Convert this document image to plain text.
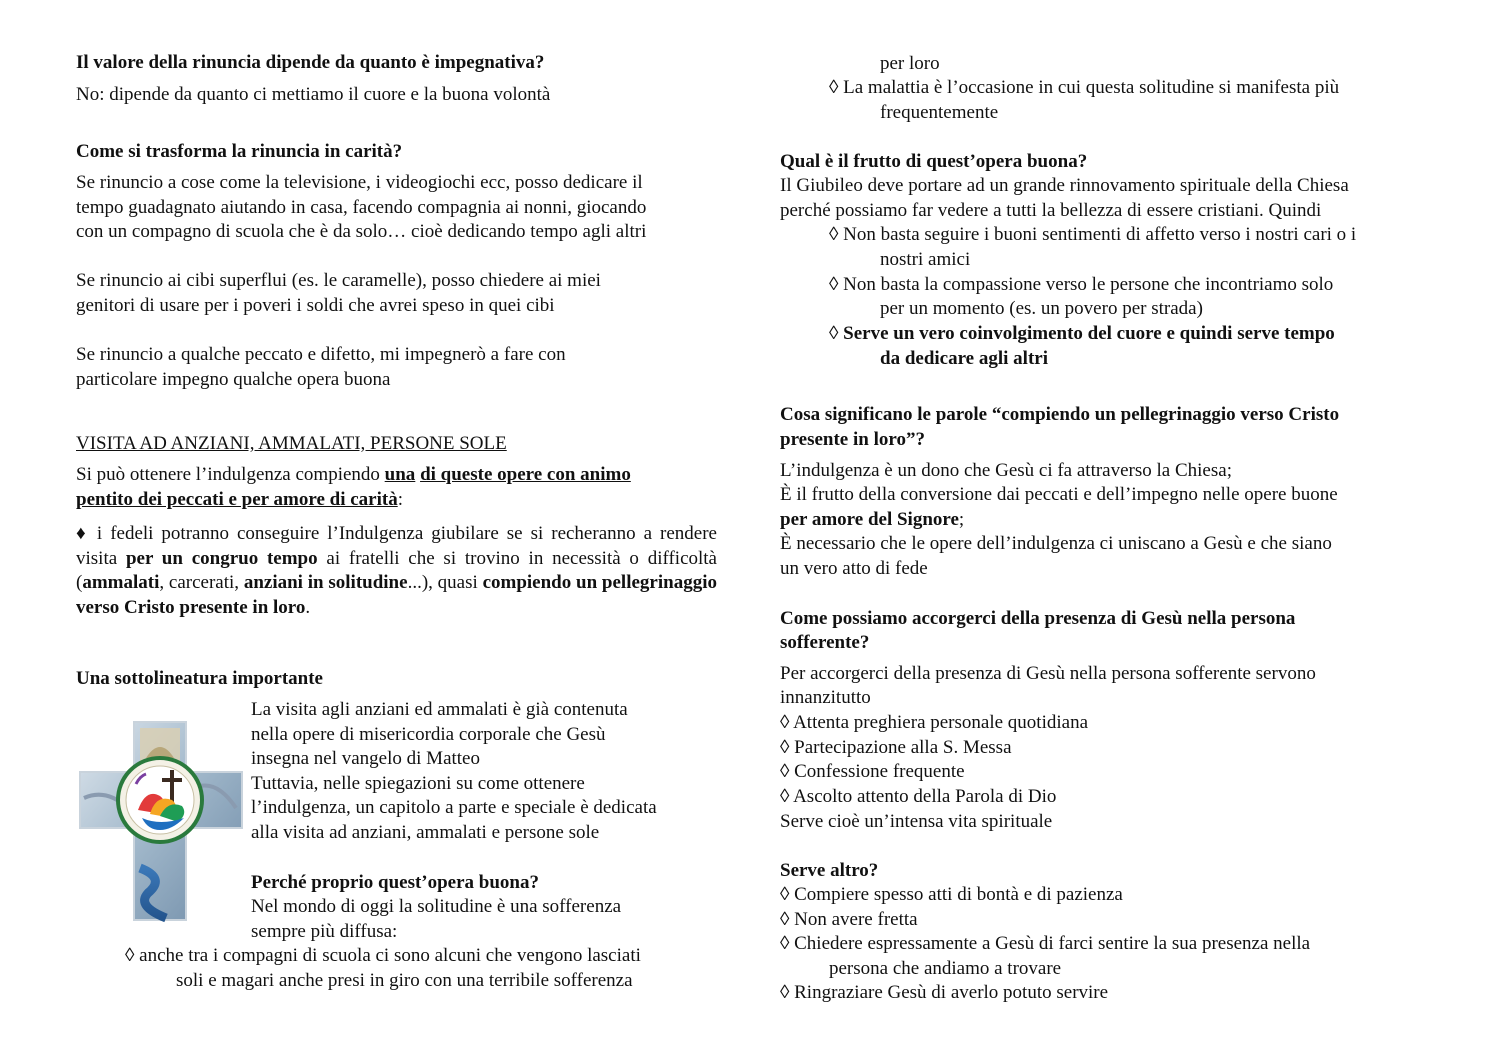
Il valore della rinuncia dipende da quanto è impegnativa?

No: dipende da quanto ci mettiamo il cuore e la buona volontà

Come si trasforma la rinuncia in carità?

Se rinuncio a cose come la televisione, i videogiochi ecc, posso dedicare il

tempo guadagnato aiutando in casa, facendo compagnia ai nonni, giocando

con un compagno di scuola che è da solo… cioè dedicando tempo agli altri

Se rinuncio ai cibi superflui (es. le caramelle), posso chiedere ai miei

genitori di usare per i poveri i soldi che avrei speso in quei cibi

Se rinuncio a qualche peccato e difetto, mi impegnerò a fare con

particolare impegno qualche opera buona

VISITA AD ANZIANI, AMMALATI, PERSONE SOLE

Si può ottenere l’indulgenza compiendo una di queste opere con animo
pentito dei peccati e per amore di carità:

♦ i fedeli potranno conseguire l’Indulgenza giubilare se si recheranno a rendere visita per un congruo tempo ai fratelli che si trovino in necessità o difficoltà (ammalati, carcerati, anziani in solitudine...), quasi compiendo un pellegrinaggio verso Cristo presente in loro.

Una sottolineatura importante

La visita agli anziani ed ammalati è già contenuta

nella opere di misericordia corporale che Gesù

insegna nel vangelo di Matteo

Tuttavia, nelle spiegazioni su come ottenere

l’indulgenza, un capitolo a parte e speciale è dedicata

alla visita ad anziani, ammalati e persone sole

Perché proprio quest’opera buona?

Nel mondo di oggi la solitudine è una sofferenza

sempre più diffusa:

◊ anche tra i compagni di scuola ci sono alcuni che vengono lasciati

soli e magari anche presi in giro con una terribile sofferenza

per loro

◊ La malattia è l’occasione in cui questa solitudine si manifesta più

frequentemente

Qual è il frutto di quest’opera buona?

Il Giubileo deve portare ad un grande rinnovamento spirituale della Chiesa

perché possiamo far vedere a tutti la bellezza di essere cristiani. Quindi

◊ Non basta seguire i buoni sentimenti di affetto verso i nostri cari o i

nostri amici

◊ Non basta la compassione verso le persone che incontriamo solo

per un momento (es. un povero per strada)

◊ Serve un vero coinvolgimento del cuore e quindi serve tempo

da dedicare agli altri

Cosa significano le parole “compiendo un pellegrinaggio verso Cristo

presente in loro”?

L’indulgenza è un dono che Gesù ci fa attraverso la Chiesa;

È il frutto della conversione dai peccati e dell’impegno nelle opere buone

per amore del Signore;

È necessario che le opere dell’indulgenza ci uniscano a Gesù e che siano

un vero atto di fede

Come possiamo accorgerci della presenza di Gesù nella persona

sofferente?

Per accorgerci della presenza di Gesù nella persona sofferente servono

innanzitutto

◊ Attenta preghiera personale quotidiana

◊ Partecipazione alla S. Messa

◊ Confessione frequente

◊ Ascolto attento della Parola di Dio

Serve cioè un’intensa vita spirituale

Serve altro?

◊ Compiere spesso atti di bontà e di pazienza

◊ Non avere fretta

◊ Chiedere espressamente a Gesù di farci sentire la sua presenza nella

persona che andiamo a trovare

◊ Ringraziare Gesù di averlo potuto servire
